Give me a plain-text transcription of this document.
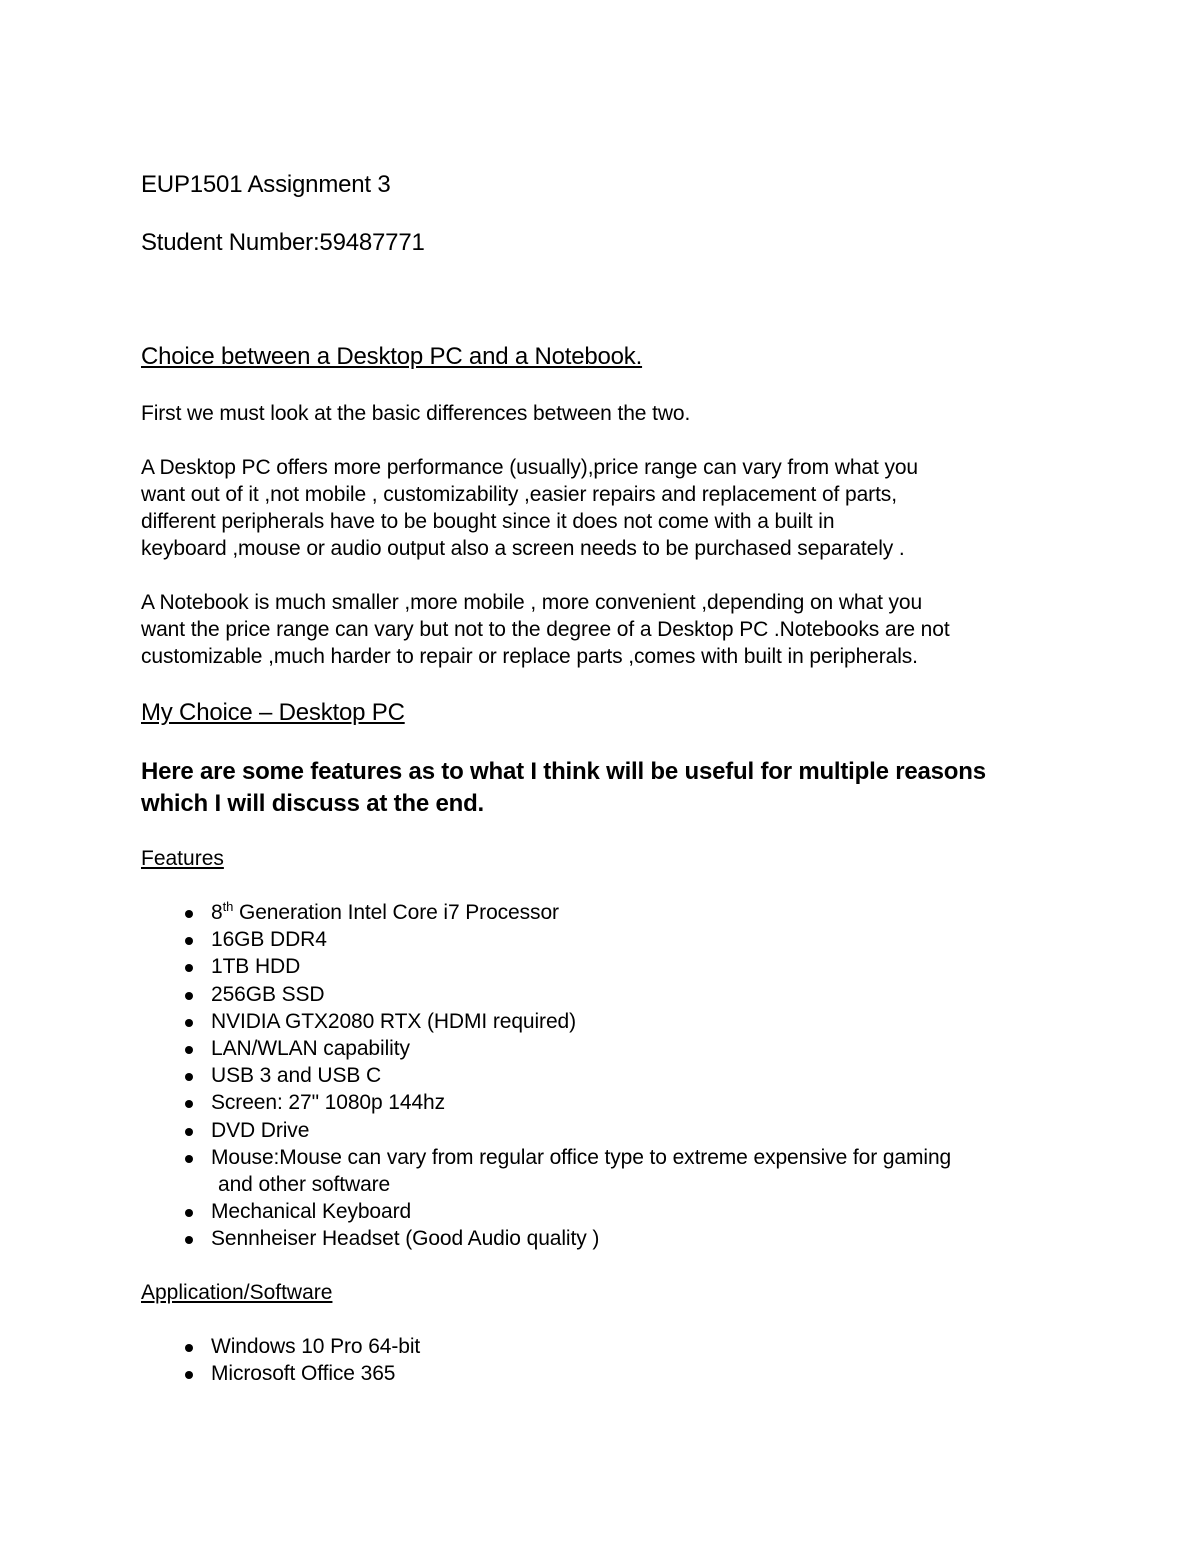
EUP1501 Assignment 3

Student Number:59487771

Choice between a Desktop PC and a Notebook.

First we must look at the basic differences between the two.

A Desktop PC offers more performance (usually),price range can vary from what you

want out of it ,not mobile , customizability ,easier repairs and replacement of parts,

different peripherals have to be bought since it does not come with a built in

keyboard ,mouse or audio output also a screen needs to be purchased separately .

A Notebook is much smaller ,more mobile , more convenient ,depending on what you

want the price range can vary but not to the degree of a Desktop PC .Notebooks are not

customizable ,much harder to repair or replace parts ,comes with built in peripherals.

My Choice – Desktop PC

Here are some features as to what I think will be useful for multiple reasons

which I will discuss at the end.

Features

8th Generation Intel Core i7 Processor
16GB DDR4
1TB HDD
256GB SSD
NVIDIA GTX2080 RTX (HDMI required)
LAN/WLAN capability
USB 3 and USB C
Screen: 27" 1080p 144hz
DVD Drive
Mouse:Mouse can vary from regular office type to extreme expensive for gaming
and other software
Mechanical Keyboard
Sennheiser Headset (Good Audio quality )

Application/Software

Windows 10 Pro 64-bit
Microsoft Office 365
